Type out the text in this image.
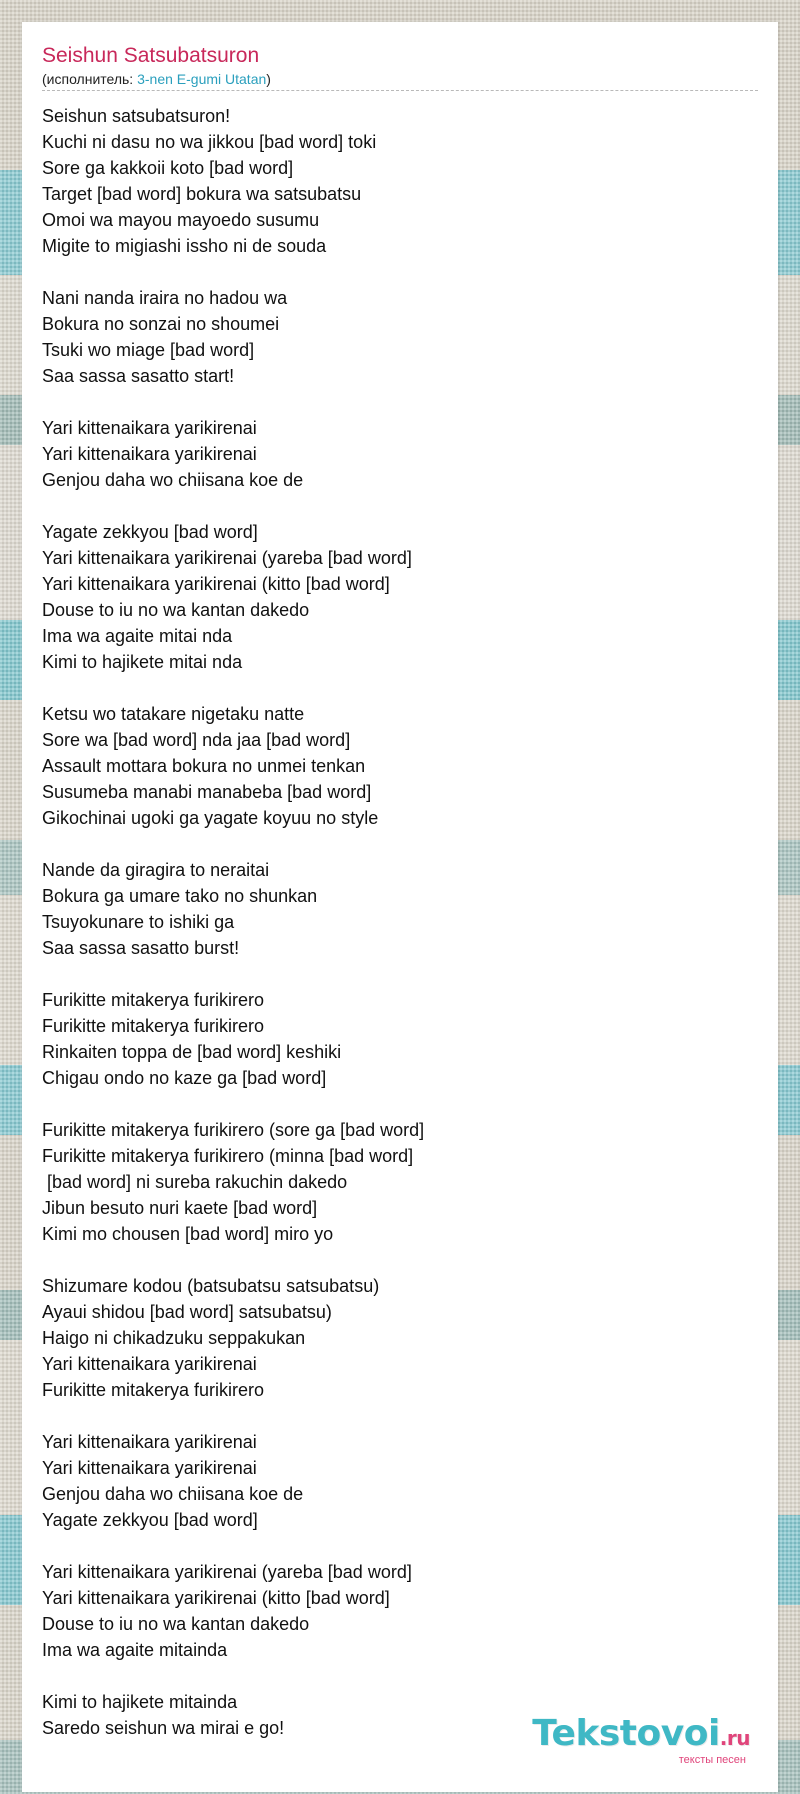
Seishun Satsubatsuron
(исполнитель: 3-nen E-gumi Utatan)
Seishun satsubatsuron!
Kuchi ni dasu no wa jikkou [bad word] toki
Sore ga kakkoii koto [bad word]
Target [bad word] bokura wa satsubatsu
Omoi wa mayou mayoedo susumu
Migite to migiashi issho ni de souda
Nani nanda iraira no hadou wa
Bokura no sonzai no shoumei
Tsuki wo miage [bad word]
Saa sassa sasatto start!
Yari kittenaikara yarikirenai
Yari kittenaikara yarikirenai
Genjou daha wo chiisana koe de
Yagate zekkyou [bad word]
Yari kittenaikara yarikirenai (yareba [bad word]
Yari kittenaikara yarikirenai (kitto [bad word]
Douse to iu no wa kantan dakedo
Ima wa agaite mitai nda
Kimi to hajikete mitai nda
Ketsu wo tatakare nigetaku natte
Sore wa [bad word] nda jaa [bad word]
Assault mottara bokura no unmei tenkan
Susumeba manabi manabeba [bad word]
Gikochinai ugoki ga yagate koyuu no style
Nande da giragira to neraitai
Bokura ga umare tako no shunkan
Tsuyokunare to ishiki ga
Saa sassa sasatto burst!
Furikitte mitakerya furikirero
Furikitte mitakerya furikirero
Rinkaiten toppa de [bad word] keshiki
Chigau ondo no kaze ga [bad word]
Furikitte mitakerya furikirero (sore ga [bad word]
Furikitte mitakerya furikirero (minna [bad word]
[bad word] ni sureba rakuchin dakedo
Jibun besuto nuri kaete [bad word]
Kimi mo chousen [bad word] miro yo
Shizumare kodou (batsubatsu satsubatsu)
Ayaui shidou [bad word] satsubatsu)
Haigo ni chikadzuku seppakukan
Yari kittenaikara yarikirenai
Furikitte mitakerya furikirero
Yari kittenaikara yarikirenai
Yari kittenaikara yarikirenai
Genjou daha wo chiisana koe de
Yagate zekkyou [bad word]
Yari kittenaikara yarikirenai (yareba [bad word]
Yari kittenaikara yarikirenai (kitto [bad word]
Douse to iu no wa kantan dakedo
Ima wa agaite mitainda
Kimi to hajikete mitainda
Saredo seishun wa mirai e go!	Tekstovoi.ru
тексты песен
